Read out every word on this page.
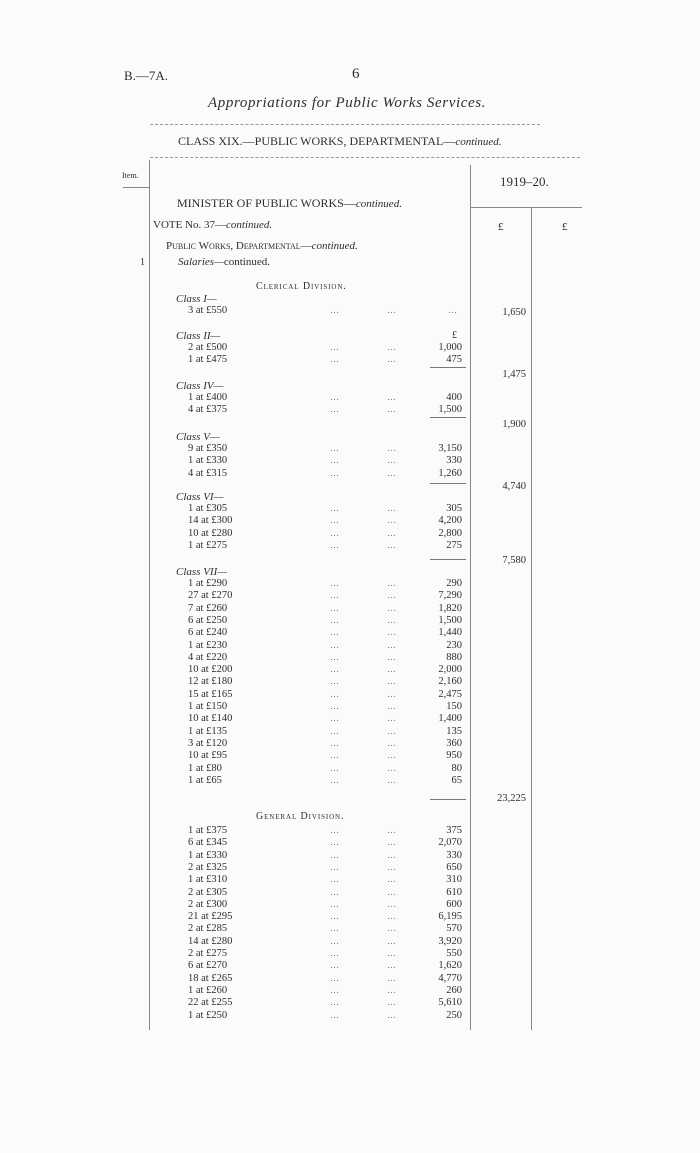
B.—7A.	6
Appropriations for Public Works Services.
CLASS XIX.—PUBLIC WORKS, DEPARTMENTAL—continued.
Item.	1919–20.
MINISTER OF PUBLIC WORKS—continued.
VOTE No. 37—continued.	£	£
Public Works, Departmental—continued.
1	Salaries—continued.
Clerical Division.
Class I—
3 at £550	…	…	…	1,650
Class II—	£
2 at £500	…	…	1,000
1 at £475	…	…	475
1,475
Class IV—
1 at £400	…	…	400
4 at £375	…	…	1,500
1,900
Class V—
9 at £350	…	…	3,150
1 at £330	…	…	330
4 at £315	…	…	1,260
4,740
Class VI—
1 at £305	…	…	305
14 at £300	…	…	4,200
10 at £280	…	…	2,800
1 at £275	…	…	275
7,580
Class VII—
1 at £290	…	…	290
27 at £270	…	…	7,290
7 at £260	…	…	1,820
6 at £250	…	…	1,500
6 at £240	…	…	1,440
1 at £230	…	…	230
4 at £220	…	…	880
10 at £200	…	…	2,000
12 at £180	…	…	2,160
15 at £165	…	…	2,475
1 at £150	…	…	150
10 at £140	…	…	1,400
1 at £135	…	…	135
3 at £120	…	…	360
10 at £95	…	…	950
1 at £80	…	…	80
1 at £65	…	…	65
23,225
General Division.
1 at £375	…	…	375
6 at £345	…	…	2,070
1 at £330	…	…	330
2 at £325	…	…	650
1 at £310	…	…	310
2 at £305	…	…	610
2 at £300	…	…	600
21 at £295	…	…	6,195
2 at £285	…	…	570
14 at £280	…	…	3,920
2 at £275	…	…	550
6 at £270	…	…	1,620
18 at £265	…	…	4,770
1 at £260	…	…	260
22 at £255	…	…	5,610
1 at £250	…	…	250
